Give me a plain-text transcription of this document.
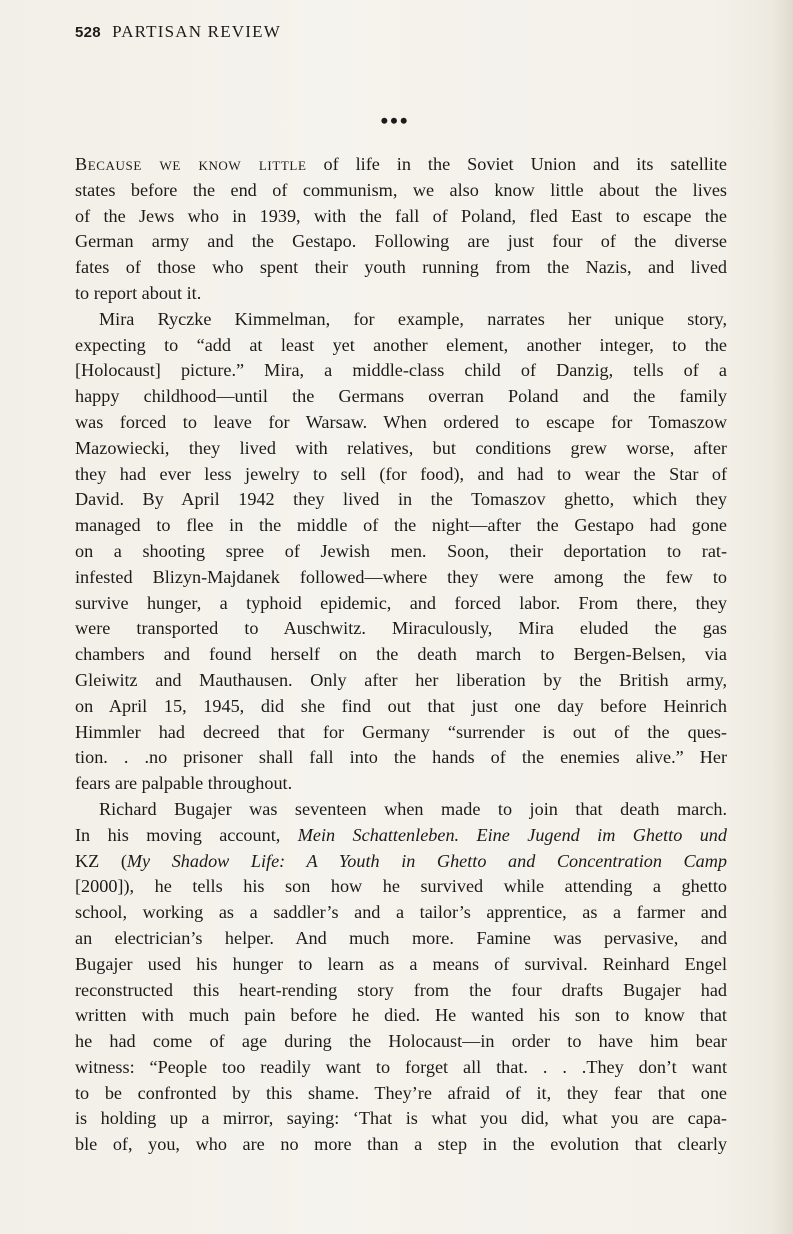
528 PARTISAN REVIEW
•••
Because we know little of life in the Soviet Union and its satellite
states before the end of communism, we also know little about the lives
of the Jews who in 1939, with the fall of Poland, fled East to escape the
German army and the Gestapo. Following are just four of the diverse
fates of those who spent their youth running from the Nazis, and lived
to report about it.
Mira Ryczke Kimmelman, for example, narrates her unique story,
expecting to “add at least yet another element, another integer, to the
[Holocaust] picture.” Mira, a middle-class child of Danzig, tells of a
happy childhood—until the Germans overran Poland and the family
was forced to leave for Warsaw. When ordered to escape for Tomaszow
Mazowiecki, they lived with relatives, but conditions grew worse, after
they had ever less jewelry to sell (for food), and had to wear the Star of
David. By April 1942 they lived in the Tomaszov ghetto, which they
managed to flee in the middle of the night—after the Gestapo had gone
on a shooting spree of Jewish men. Soon, their deportation to rat-
infested Blizyn-Majdanek followed—where they were among the few to
survive hunger, a typhoid epidemic, and forced labor. From there, they
were transported to Auschwitz. Miraculously, Mira eluded the gas
chambers and found herself on the death march to Bergen-Belsen, via
Gleiwitz and Mauthausen. Only after her liberation by the British army,
on April 15, 1945, did she find out that just one day before Heinrich
Himmler had decreed that for Germany “surrender is out of the ques-
tion. . .no prisoner shall fall into the hands of the enemies alive.” Her
fears are palpable throughout.
Richard Bugajer was seventeen when made to join that death march.
In his moving account, Mein Schattenleben. Eine Jugend im Ghetto und
KZ (My Shadow Life: A Youth in Ghetto and Concentration Camp
[2000]), he tells his son how he survived while attending a ghetto
school, working as a saddler’s and a tailor’s apprentice, as a farmer and
an electrician’s helper. And much more. Famine was pervasive, and
Bugajer used his hunger to learn as a means of survival. Reinhard Engel
reconstructed this heart-rending story from the four drafts Bugajer had
written with much pain before he died. He wanted his son to know that
he had come of age during the Holocaust—in order to have him bear
witness: “People too readily want to forget all that. . . .They don’t want
to be confronted by this shame. They’re afraid of it, they fear that one
is holding up a mirror, saying: ‘That is what you did, what you are capa-
ble of, you, who are no more than a step in the evolution that clearly
